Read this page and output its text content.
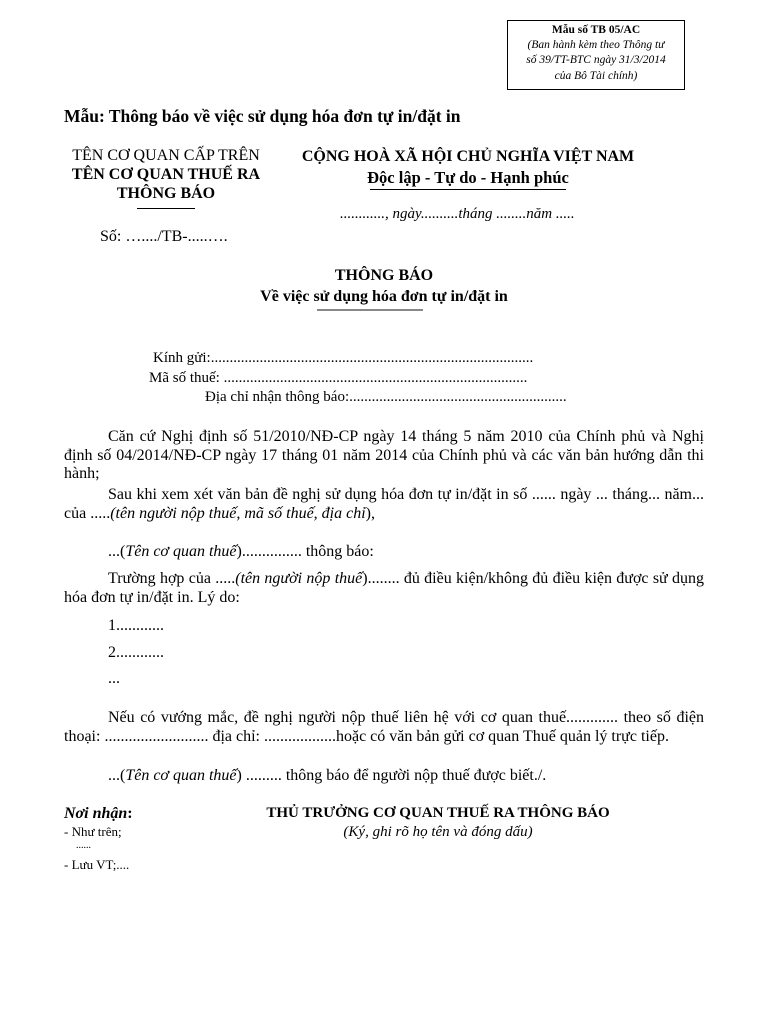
Mẫu số TB 05/AC
(Ban hành kèm theo Thông tư
số 39/TT-BTC ngày 31/3/2014
của Bô Tài chính)
Mẫu: Thông báo về việc sử dụng hóa đơn tự in/đặt in
TÊN CƠ QUAN CẤP TRÊN
TÊN CƠ QUAN THUẾ RA
THÔNG BÁO
Số: …..../TB-.....….
CỘNG HOÀ XÃ HỘI CHỦ NGHĨA VIỆT NAM
Độc lập - Tự do - Hạnh phúc
............, ngày..........tháng ........năm .....
THÔNG BÁO
Về việc sử dụng hóa đơn tự in/đặt in
Kính gửi:......................................................................................
Mã số thuế: .................................................................................
Địa chỉ nhận thông báo:..........................................................
Căn cứ Nghị định số 51/2010/NĐ-CP ngày 14 tháng 5 năm 2010 của Chính phủ và Nghị định số 04/2014/NĐ-CP ngày 17 tháng 01 năm 2014 của Chính phủ và các văn bản hướng dẫn thi hành;
Sau khi xem xét văn bản đề nghị sử dụng hóa đơn tự in/đặt in số ...... ngày ... tháng... năm... của .....(tên người nộp thuế, mã số thuế, địa chỉ),
...(Tên cơ quan thuế)............... thông báo:
Trường hợp của .....(tên người nộp thuế)........ đủ điều kiện/không đủ điều kiện được sử dụng hóa đơn tự in/đặt in. Lý do:
1............
2............
...
Nếu có vướng mắc, đề nghị người nộp thuế liên hệ với cơ quan thuế............. theo số điện thoại: .......................... địa chỉ: ..................hoặc có văn bản gửi cơ quan Thuế quản lý trực tiếp.
...(Tên cơ quan thuế) ......... thông báo để người nộp thuế được biết./.
Nơi nhận:
- Như trên;
......
- Lưu VT;....
THỦ TRƯỞNG CƠ QUAN THUẾ RA THÔNG BÁO
(Ký, ghi rõ họ tên và đóng dấu)
